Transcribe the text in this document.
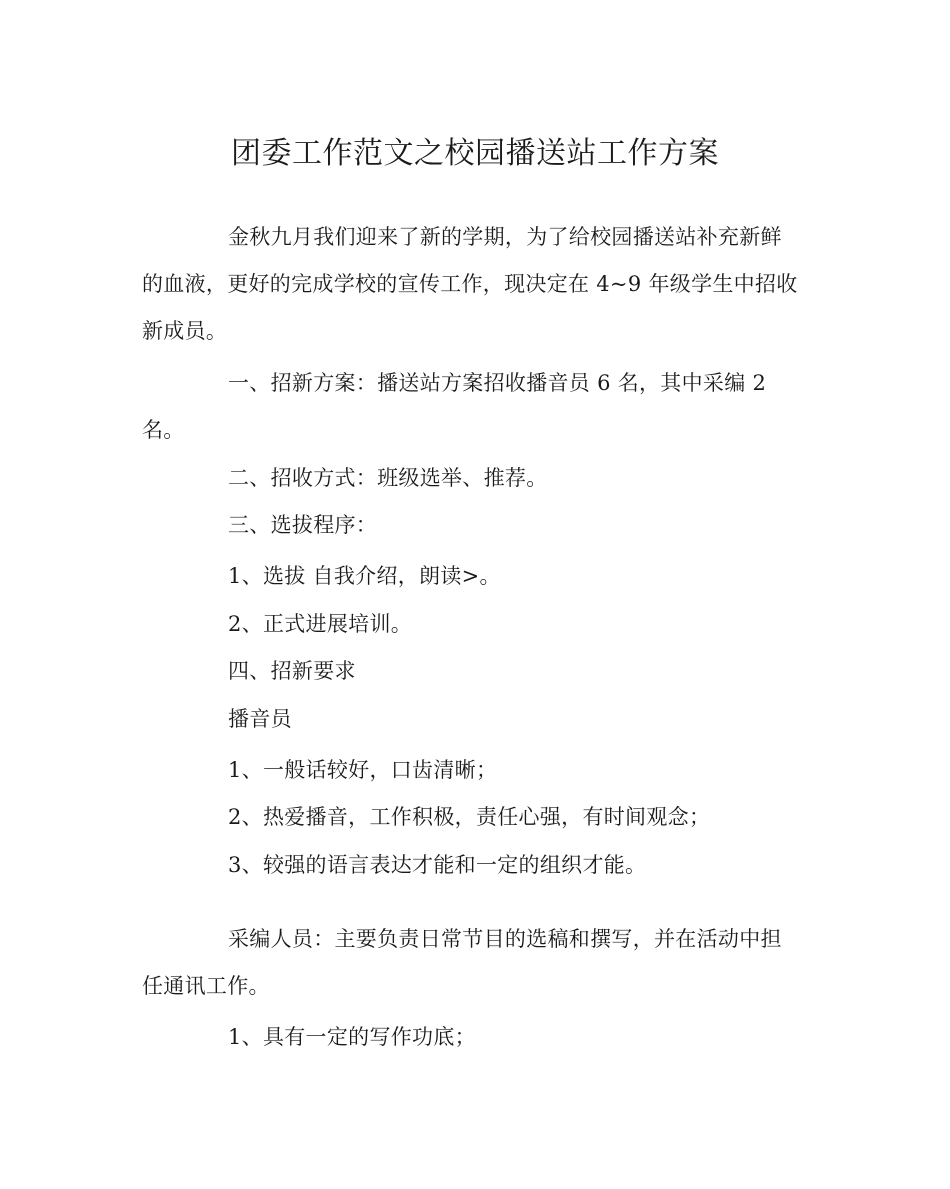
团委工作范文之校园播送站工作方案
金秋九月我们迎来了新的学期，为了给校园播送站补充新鲜
的血液，更好的完成学校的宣传工作，现决定在 4~9 年级学生中招收
新成员。
一、招新方案：播送站方案招收播音员 6 名，其中采编 2
名。
二、招收方式：班级选举、推荐。
三、选拔程序：
1、选拔 自我介绍，朗读>。
2、正式进展培训。
四、招新要求
播音员
1、一般话较好，口齿清晰；
2、热爱播音，工作积极，责任心强，有时间观念；
3、较强的语言表达才能和一定的组织才能。
采编人员：主要负责日常节目的选稿和撰写，并在活动中担
任通讯工作。
1、具有一定的写作功底；
